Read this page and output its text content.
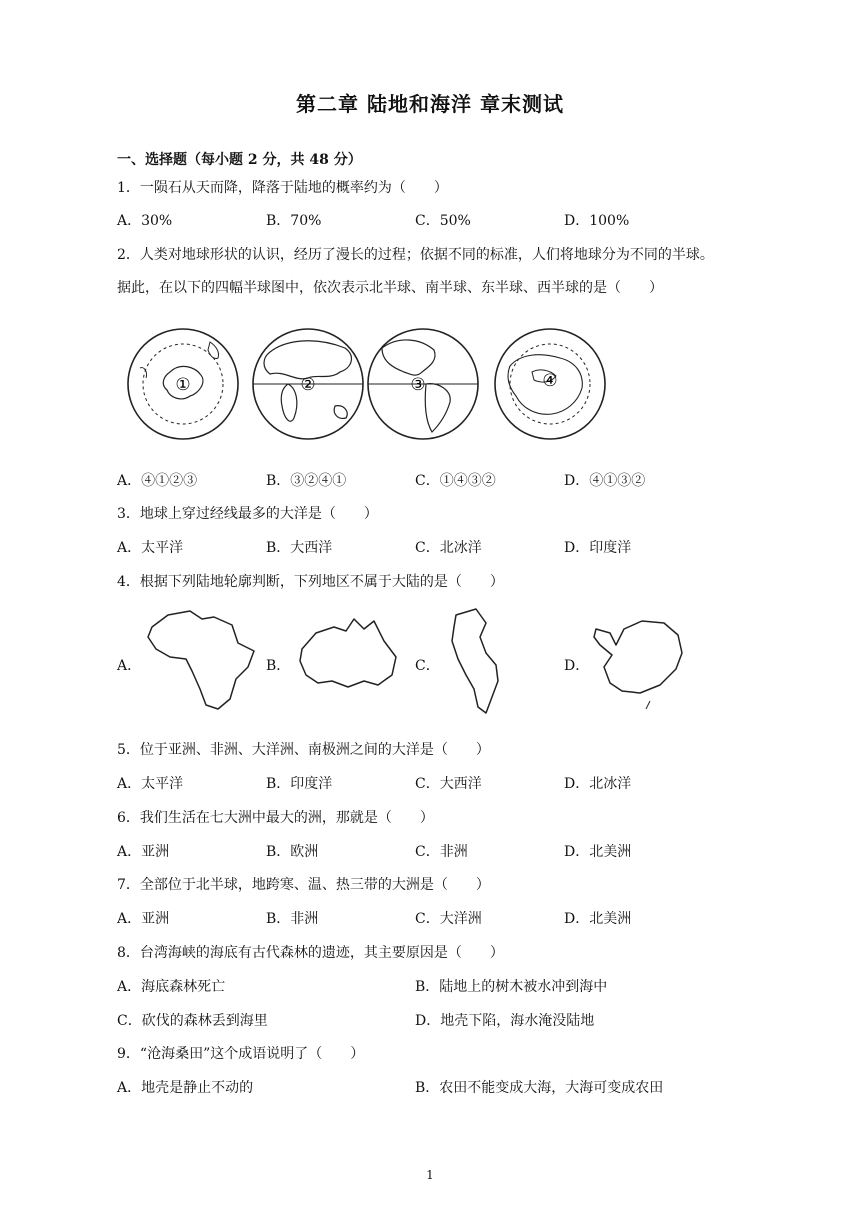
第二章 陆地和海洋 章末测试
一、选择题（每小题 2 分，共 48 分）
1．一陨石从天而降，降落于陆地的概率约为（　　）
A．30%	B．70%	C．50%	D．100%
2．人类对地球形状的认识，经历了漫长的过程；依据不同的标准，人们将地球分为不同的半球。
据此，在以下的四幅半球图中，依次表示北半球、南半球、东半球、西半球的是（　　）
①	②	③	④
A．④①②③	B．③②④①	C．①④③②	D．④①③②
3．地球上穿过经线最多的大洋是（　　）
A．太平洋	B．大西洋	C．北冰洋	D．印度洋
4．根据下列陆地轮廓判断，下列地区不属于大陆的是（　　）
A．	B．	C．	D．
5．位于亚洲、非洲、大洋洲、南极洲之间的大洋是（　　）
A．太平洋	B．印度洋	C．大西洋	D．北冰洋
6．我们生活在七大洲中最大的洲，那就是（　　）
A．亚洲	B．欧洲	C．非洲	D．北美洲
7．全部位于北半球，地跨寒、温、热三带的大洲是（　　）
A．亚洲	B．非洲	C．大洋洲	D．北美洲
8．台湾海峡的海底有古代森林的遗迹，其主要原因是（　　）
A．海底森林死亡	B．陆地上的树木被水冲到海中
C．砍伐的森林丢到海里	D．地壳下陷，海水淹没陆地
9．“沧海桑田”这个成语说明了（　　）
A．地壳是静止不动的	B．农田不能变成大海，大海可变成农田
1
